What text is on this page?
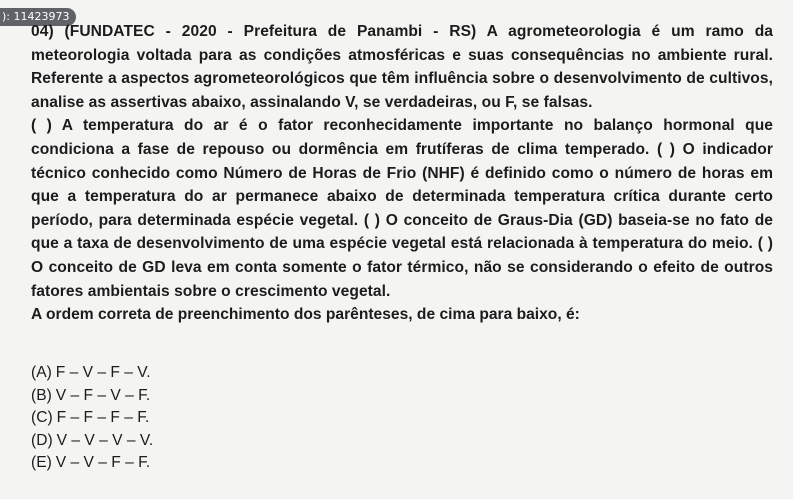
): 11423973

04) (FUNDATEC - 2020 - Prefeitura de Panambi - RS) A agrometeorologia é um ramo da meteorologia voltada para as condições atmosféricas e suas consequências no ambiente rural. Referente a aspectos agrometeorológicos que têm influência sobre o desenvolvimento de cultivos, analise as assertivas abaixo, assinalando V, se verdadeiras, ou F, se falsas.

( ) A temperatura do ar é o fator reconhecidamente importante no balanço hormonal que condiciona a fase de repouso ou dormência em frutíferas de clima temperado. ( ) O indicador técnico conhecido como Número de Horas de Frio (NHF) é definido como o número de horas em que a temperatura do ar permanece abaixo de determinada temperatura crítica durante certo período, para determinada espécie vegetal. ( ) O conceito de Graus-Dia (GD) baseia-se no fato de que a taxa de desenvolvimento de uma espécie vegetal está relacionada à temperatura do meio. ( ) O conceito de GD leva em conta somente o fator térmico, não se considerando o efeito de outros fatores ambientais sobre o crescimento vegetal.

A ordem correta de preenchimento dos parênteses, de cima para baixo, é:

(A) F – V – F – V.
(B) V – F – V – F.
(C) F – F – F – F.
(D) V – V – V – V.
(E) V – V – F – F.
